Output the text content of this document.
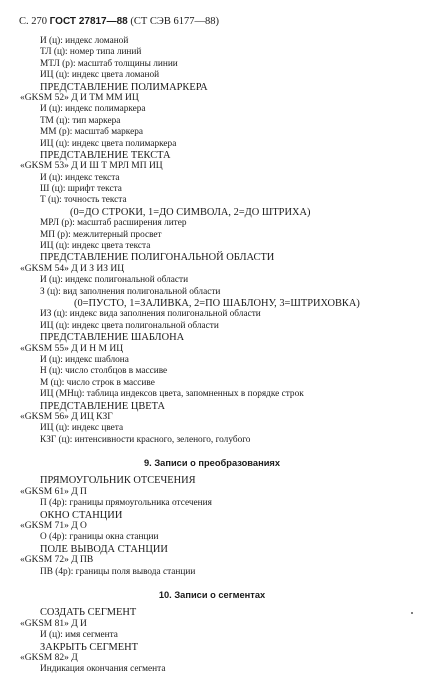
С. 270 ГОСТ 27817—88 (СТ СЭВ 6177—88)
И (ц): индекс ломаной
ТЛ (ц): номер типа линий
МТЛ (р): масштаб толщины линии
ИЦ (ц): индекс цвета ломаной
ПРЕДСТАВЛЕНИЕ ПОЛИМАРКЕРА
«GKSM 52» Д И ТМ ММ ИЦ
И (ц): индекс полимаркера
ТМ (ц): тип маркера
ММ (р): масштаб маркера
ИЦ (ц): индекс цвета полимаркера
ПРЕДСТАВЛЕНИЕ ТЕКСТА
«GKSM 53» Д И Ш Т МРЛ МП ИЦ
И (ц): индекс текста
Ш (ц): шрифт текста
Т (ц): точность текста
(0=ДО СТРОКИ, 1=ДО СИМВОЛА, 2=ДО ШТРИХА)
МРЛ (р): масштаб расширения литер
МП (р): межлитерный просвет
ИЦ (ц): индекс цвета текста
ПРЕДСТАВЛЕНИЕ ПОЛИГОНАЛЬНОЙ ОБЛАСТИ
«GKSM 54» Д И З ИЗ ИЦ
И (ц): индекс полигональной области
З (ц): вид заполнения полигональной области
(0=ПУСТО, 1=ЗАЛИВКА, 2=ПО ШАБЛОНУ, 3=ШТРИХОВКА)
ИЗ (ц): индекс вида заполнения полигональной области
ИЦ (ц): индекс цвета полигональной области
ПРЕДСТАВЛЕНИЕ ШАБЛОНА
«GKSM 55» Д И Н М ИЦ
И (ц): индекс шаблона
Н (ц): число столбцов в массиве
М (ц): число строк в массиве
ИЦ (МНц): таблица индексов цвета, запомненных в порядке строк
ПРЕДСТАВЛЕНИЕ ЦВЕТА
«GKSM 56» Д ИЦ КЗГ
ИЦ (ц): индекс цвета
КЗГ (ц): интенсивности красного, зеленого, голубого
9. Записи о преобразованиях
ПРЯМОУГОЛЬНИК ОТСЕЧЕНИЯ
«GKSM 61» Д П
П (4р): границы прямоугольника отсечения
ОКНО СТАНЦИИ
«GKSM 71» Д О
О (4р): границы окна станции
ПОЛЕ ВЫВОДА СТАНЦИИ
«GKSM 72» Д ПВ
ПВ (4р): границы поля вывода станции
10. Записи о сегментах
СОЗДАТЬ СЕГМЕНТ
«GKSM 81» Д И
И (ц): имя сегмента
ЗАКРЫТЬ СЕГМЕНТ
«GKSM 82» Д
Индикация окончания сегмента
